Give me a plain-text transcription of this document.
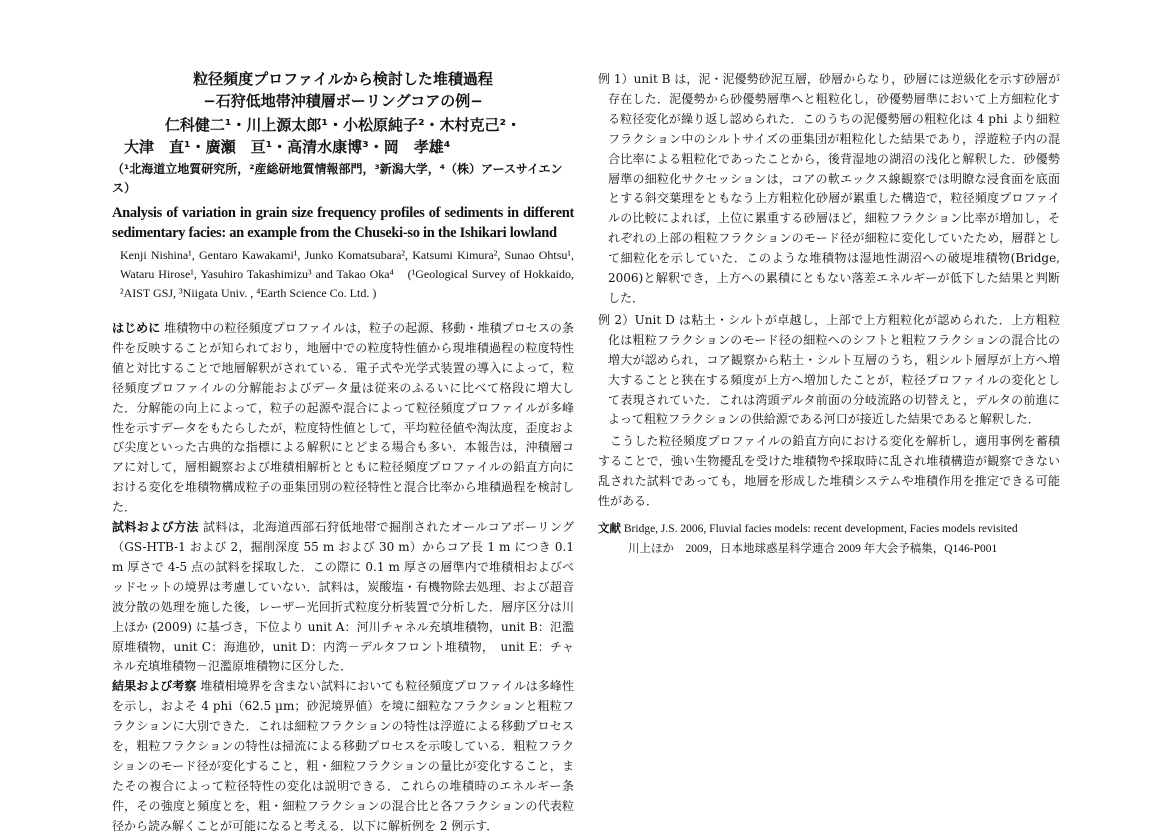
粒径頻度プロファイルから検討した堆積過程
−石狩低地帯沖積層ボーリングコアの例−
仁科健二¹・川上源太郎¹・小松原純子²・木村克己²・
大津　直¹・廣瀬　亘¹・高清水康博³・岡　孝雄⁴
（¹北海道立地質研究所，²産総研地質情報部門，³新潟大学，⁴（株）アースサイエンス）
Analysis of variation in grain size frequency profiles of sediments in different sedimentary facies: an example from the Chuseki-so in the Ishikari lowland
Kenji Nishina¹, Gentaro Kawakami¹, Junko Komatsubara², Katsumi Kimura², Sunao Ohtsu¹, Wataru Hirose¹, Yasuhiro Takashimizu³ and Takao Oka⁴　(¹Geological Survey of Hokkaido, ²AIST GSJ, ³Niigata Univ. , ⁴Earth Science Co. Ltd. )

はじめに 堆積物中の粒径頻度プロファイルは，粒子の起源、移動・堆積プロセスの条件を反映することが知られており，地層中での粒度特性値から現堆積過程の粒度特性値と対比することで地層解釈がされている．電子式や光学式装置の導入によって，粒径頻度プロファイルの分解能およびデータ量は従来のふるいに比べて格段に増大した．分解能の向上によって，粒子の起源や混合によって粒径頻度プロファイルが多峰性を示すデータをもたらしたが，粒度特性値として，平均粒径値や淘汰度，歪度および尖度といった古典的な指標による解釈にとどまる場合も多い．本報告は，沖積層コアに対して，層相観察および堆積相解析とともに粒径頻度プロファイルの鉛直方向における変化を堆積物構成粒子の亜集団別の粒径特性と混合比率から堆積過程を検討した．

試料および方法 試料は，北海道西部石狩低地帯で掘削されたオールコアボーリング（GS-HTB-1 および 2，掘削深度 55 m および 30 m）からコア長 1 m につき 0.1 m 厚さで 4-5 点の試料を採取した．この際に 0.1 m 厚さの層準内で堆積相およびベッドセットの境界は考慮していない．試料は，炭酸塩・有機物除去処理、および超音波分散の処理を施した後，レーザー光回折式粒度分析装置で分析した．層序区分は川上ほか (2009) に基づき，下位より unit A：河川チャネル充填堆積物，unit B：氾濫原堆積物，unit C：海進砂，unit D：内湾－デルタフロント堆積物，　unit E：チャネル充填堆積物－氾濫原堆積物に区分した．

結果および考察 堆積相境界を含まない試料においても粒径頻度プロファイルは多峰性を示し，およそ 4 phi（62.5 µm；砂泥境界値）を境に細粒なフラクションと粗粒フラクションに大別できた．これは細粒フラクションの特性は浮遊による移動プロセスを，粗粒フラクションの特性は掃流による移動プロセスを示唆している．粗粒フラクションのモード径が変化すること，粗・細粒フラクションの量比が変化すること，またその複合によって粒径特性の変化は説明できる．これらの堆積時のエネルギー条件，その強度と頻度とを，粗・細粒フラクションの混合比と各フラクションの代表粒径から読み解くことが可能になると考える．以下に解析例を 2 例示す．

例 1）unit B は，泥・泥優勢砂泥互層，砂層からなり，砂層には逆級化を示す砂層が存在した．泥優勢から砂優勢層準へと粗粒化し，砂優勢層準において上方細粒化する粒径変化が繰り返し認められた．このうちの泥優勢層の粗粒化は 4 phi より細粒フラクション中のシルトサイズの亜集団が粗粒化した結果であり，浮遊粒子内の混合比率による粗粒化であったことから，後背湿地の湖沼の浅化と解釈した．砂優勢層準の細粒化サクセッションは，コアの軟エックス線観察では明瞭な浸食面を底面とする斜交葉理をともなう上方粗粒化砂層が累重した構造で，粒径頻度プロファイルの比較によれば，上位に累重する砂層ほど，細粒フラクション比率が増加し，それぞれの上部の粗粒フラクションのモード径が細粒に変化していたため，層群として細粒化を示していた．このような堆積物は湿地性湖沼への破堤堆積物(Bridge, 2006)と解釈でき，上方への累積にともない落差エネルギーが低下した結果と判断した．

例 2）Unit D は粘土・シルトが卓越し，上部で上方粗粒化が認められた．上方粗粒化は粗粒フラクションのモード径の細粒へのシフトと粗粒フラクションの混合比の増大が認められ，コア観察から粘土・シルト互層のうち，粗シルト層厚が上方へ増大することと狭在する頻度が上方へ増加したことが，粒径プロファイルの変化として表現されていた．これは湾頭デルタ前面の分岐流路の切替えと，デルタの前進によって粗粒フラクションの供給源である河口が接近した結果であると解釈した．

こうした粒径頻度プロファイルの鉛直方向における変化を解析し，適用事例を蓄積することで，強い生物擾乱を受けた堆積物や採取時に乱され堆積構造が観察できない乱された試料であっても，地層を形成した堆積システムや堆積作用を推定できる可能性がある．

文献 Bridge, J.S. 2006, Fluvial facies models: recent development, Facies models revisited
川上ほか　2009，日本地球惑星科学連合 2009 年大会予稿集，Q146-P001
